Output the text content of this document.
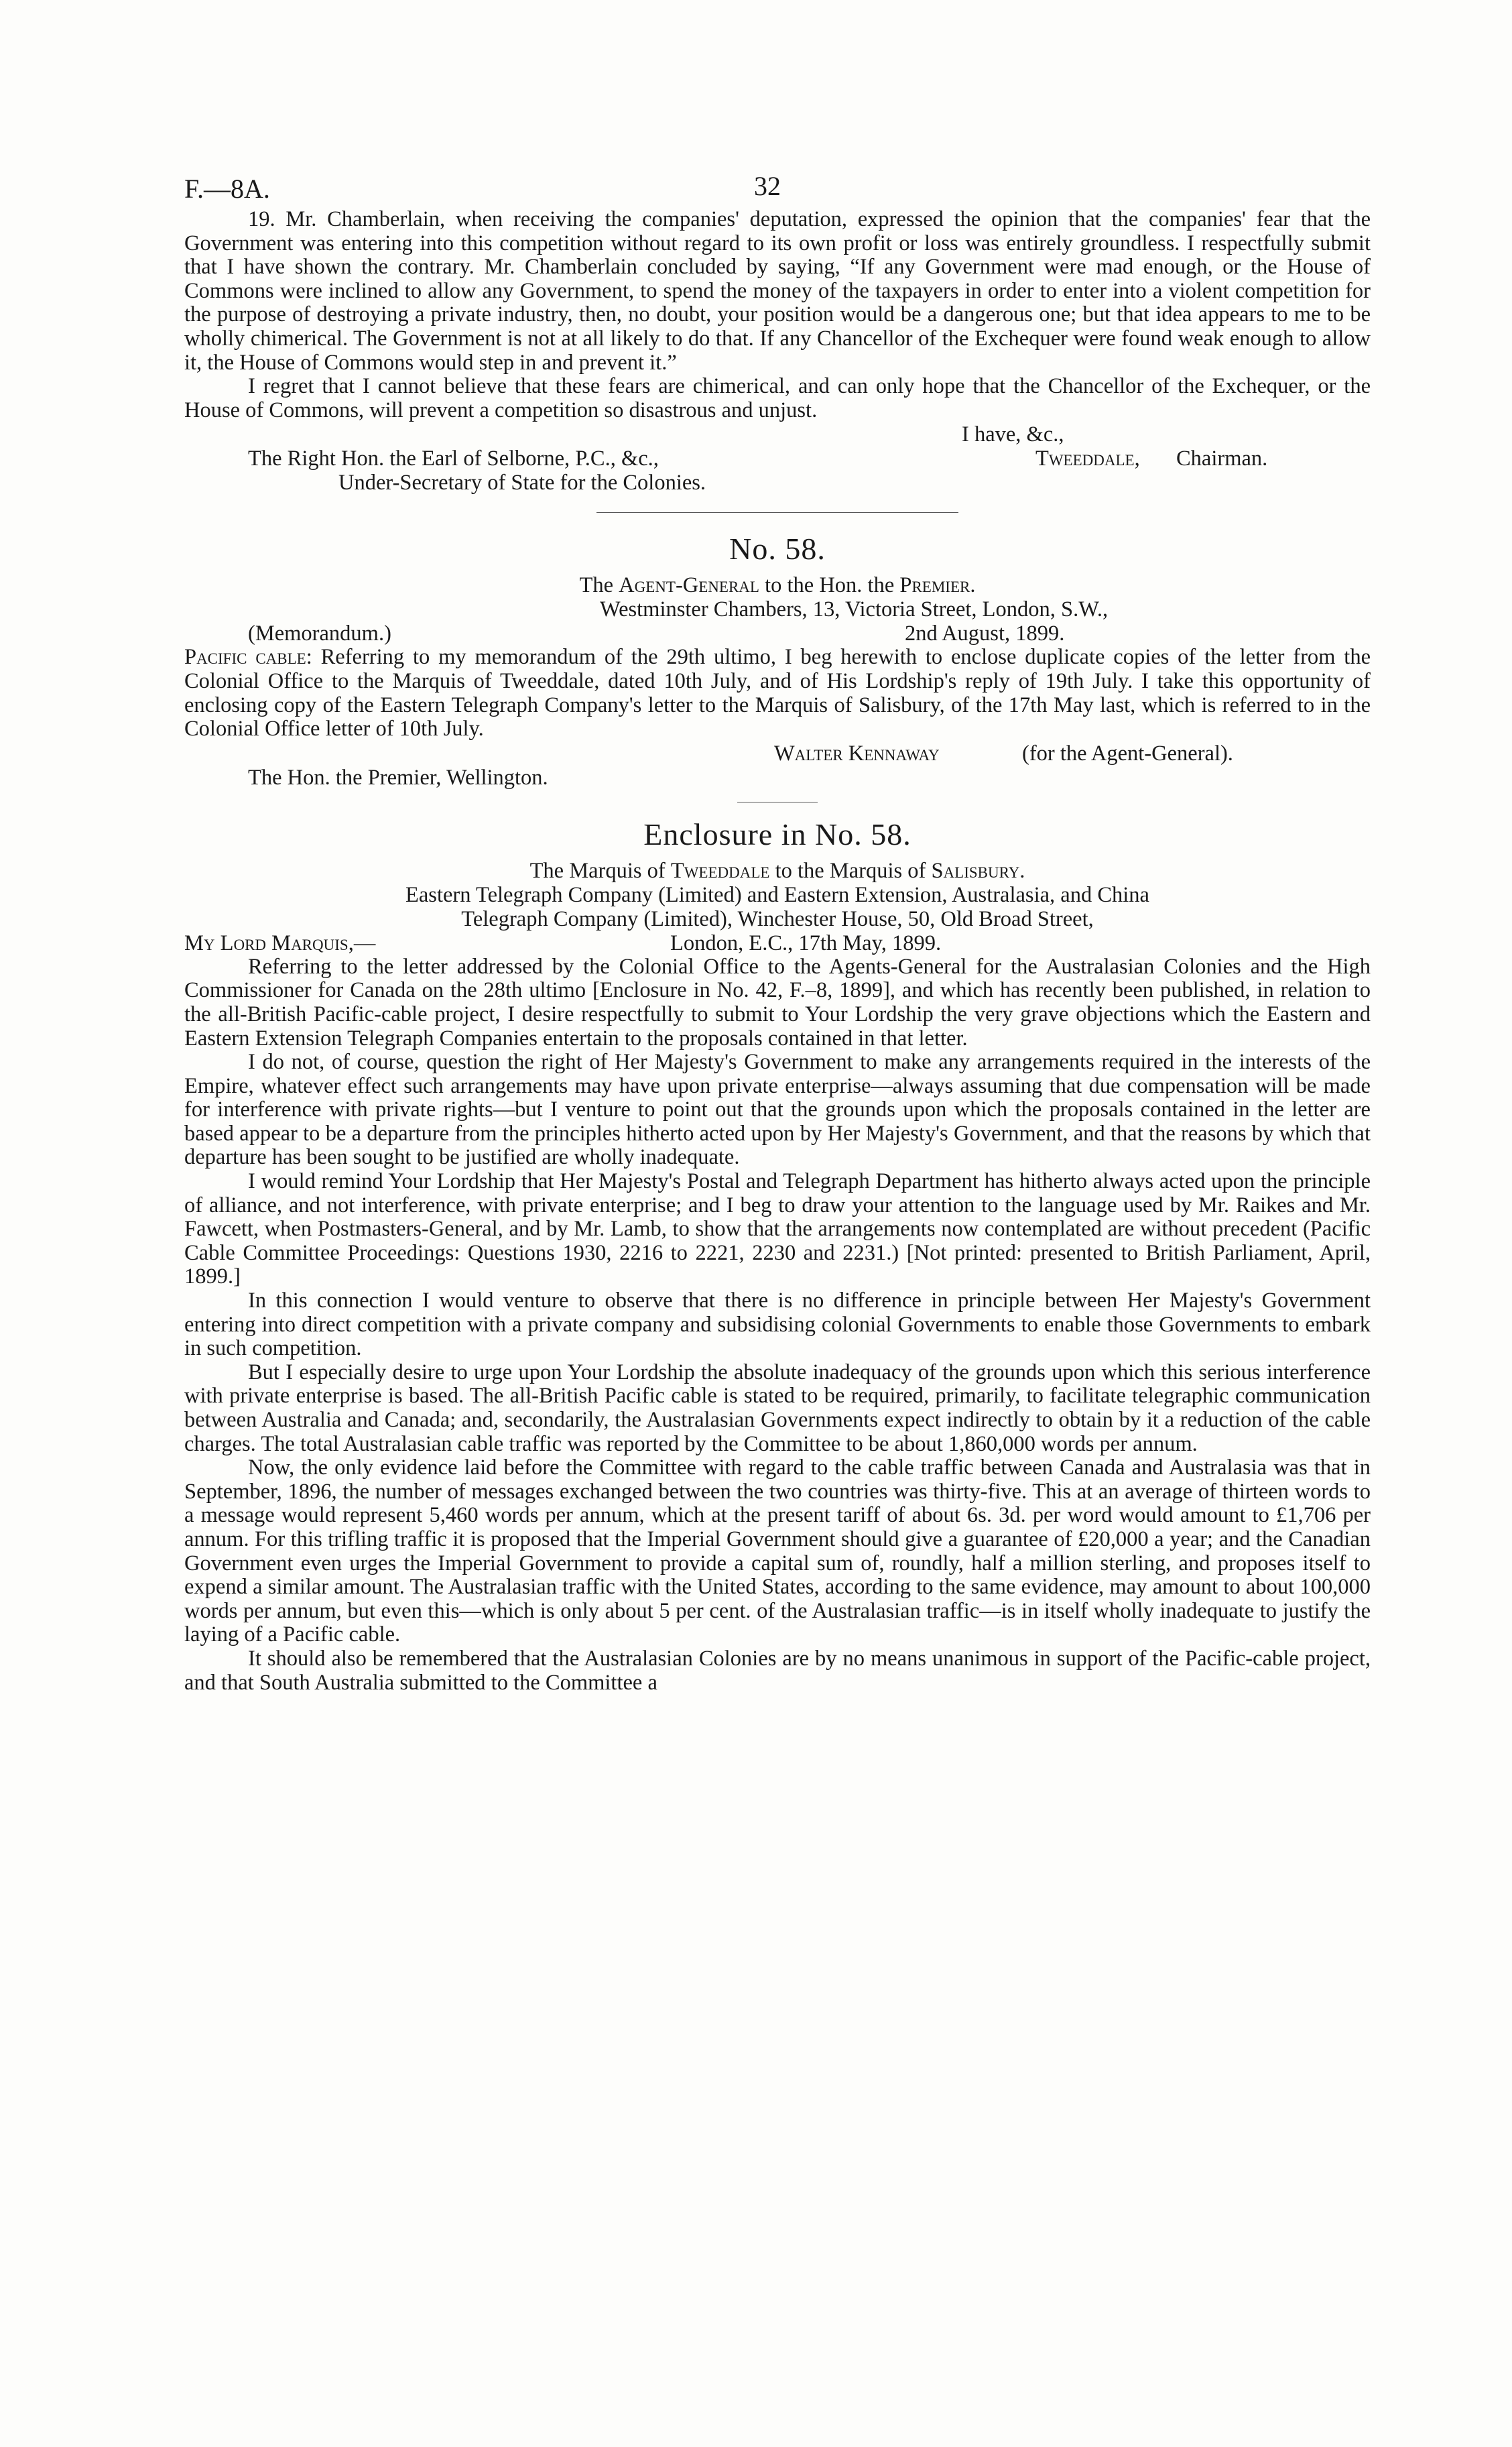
F.—8A.	32

19. Mr. Chamberlain, when receiving the companies' deputation, expressed the opinion that the companies' fear that the Government was entering into this competition without regard to its own profit or loss was entirely groundless. I respectfully submit that I have shown the contrary. Mr. Chamberlain concluded by saying, “If any Government were mad enough, or the House of Commons were inclined to allow any Government, to spend the money of the taxpayers in order to enter into a violent competition for the purpose of destroying a private industry, then, no doubt, your position would be a dangerous one; but that idea appears to me to be wholly chimerical. The Government is not at all likely to do that. If any Chancellor of the Exchequer were found weak enough to allow it, the House of Commons would step in and prevent it.”

I regret that I cannot believe that these fears are chimerical, and can only hope that the Chancellor of the Exchequer, or the House of Commons, will prevent a competition so disastrous and unjust.

I have, &c.,
The Right Hon. the Earl of Selborne, P.C., &c.,	Tweeddale, Chairman.
Under-Secretary of State for the Colonies.
No. 58.
The Agent-General to the Hon. the Premier.
Westminster Chambers, 13, Victoria Street, London, S.W.,
(Memorandum.)	2nd August, 1899.

Pacific cable: Referring to my memorandum of the 29th ultimo, I beg herewith to enclose duplicate copies of the letter from the Colonial Office to the Marquis of Tweeddale, dated 10th July, and of His Lordship's reply of 19th July. I take this opportunity of enclosing copy of the Eastern Telegraph Company's letter to the Marquis of Salisbury, of the 17th May last, which is referred to in the Colonial Office letter of 10th July.

Walter Kennaway	(for the Agent-General).
The Hon. the Premier, Wellington.
Enclosure in No. 58.
The Marquis of Tweeddale to the Marquis of Salisbury.
Eastern Telegraph Company (Limited) and Eastern Extension, Australasia, and China
Telegraph Company (Limited), Winchester House, 50, Old Broad Street,
My Lord Marquis,—	London, E.C., 17th May, 1899.

Referring to the letter addressed by the Colonial Office to the Agents-General for the Australasian Colonies and the High Commissioner for Canada on the 28th ultimo [Enclosure in No. 42, F.–8, 1899], and which has recently been published, in relation to the all-British Pacific-cable project, I desire respectfully to submit to Your Lordship the very grave objections which the Eastern and Eastern Extension Telegraph Companies entertain to the proposals contained in that letter.

I do not, of course, question the right of Her Majesty's Government to make any arrangements required in the interests of the Empire, whatever effect such arrangements may have upon private enterprise—always assuming that due compensation will be made for interference with private rights—but I venture to point out that the grounds upon which the proposals contained in the letter are based appear to be a departure from the principles hitherto acted upon by Her Majesty's Government, and that the reasons by which that departure has been sought to be justified are wholly inadequate.

I would remind Your Lordship that Her Majesty's Postal and Telegraph Department has hitherto always acted upon the principle of alliance, and not interference, with private enterprise; and I beg to draw your attention to the language used by Mr. Raikes and Mr. Fawcett, when Postmasters-General, and by Mr. Lamb, to show that the arrangements now contemplated are without precedent (Pacific Cable Committee Proceedings: Questions 1930, 2216 to 2221, 2230 and 2231.) [Not printed: presented to British Parliament, April, 1899.]

In this connection I would venture to observe that there is no difference in principle between Her Majesty's Government entering into direct competition with a private company and subsidising colonial Governments to enable those Governments to embark in such competition.

But I especially desire to urge upon Your Lordship the absolute inadequacy of the grounds upon which this serious interference with private enterprise is based. The all-British Pacific cable is stated to be required, primarily, to facilitate telegraphic communication between Australia and Canada; and, secondarily, the Australasian Governments expect indirectly to obtain by it a reduction of the cable charges. The total Australasian cable traffic was reported by the Committee to be about 1,860,000 words per annum.

Now, the only evidence laid before the Committee with regard to the cable traffic between Canada and Australasia was that in September, 1896, the number of messages exchanged between the two countries was thirty-five. This at an average of thirteen words to a message would represent 5,460 words per annum, which at the present tariff of about 6s. 3d. per word would amount to £1,706 per annum. For this trifling traffic it is proposed that the Imperial Government should give a guarantee of £20,000 a year; and the Canadian Government even urges the Imperial Government to provide a capital sum of, roundly, half a million sterling, and proposes itself to expend a similar amount. The Australasian traffic with the United States, according to the same evidence, may amount to about 100,000 words per annum, but even this—which is only about 5 per cent. of the Australasian traffic—is in itself wholly inadequate to justify the laying of a Pacific cable.

It should also be remembered that the Australasian Colonies are by no means unanimous in support of the Pacific-cable project, and that South Australia submitted to the Committee a
